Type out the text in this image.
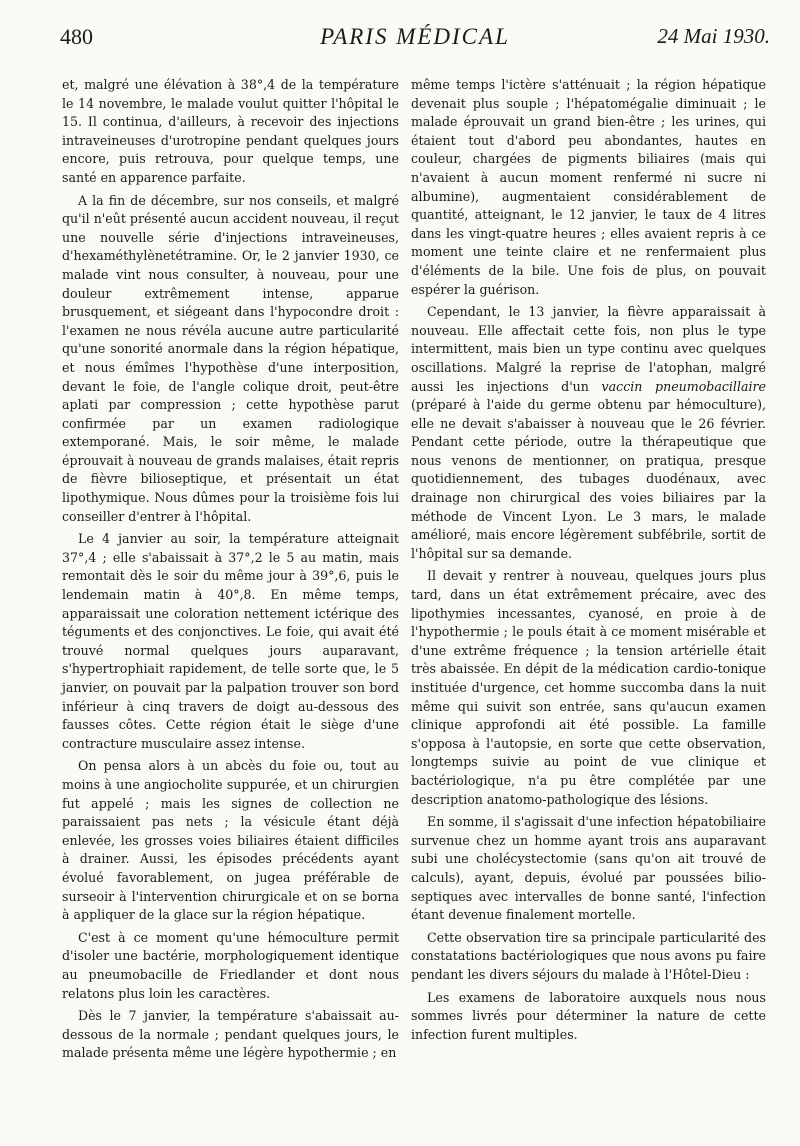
480	PARIS MÉDICAL	24 Mai 1930.

et, malgré une élévation à 38°,4 de la température le 14 novembre, le malade voulut quitter l'hôpital le 15. Il continua, d'ailleurs, à recevoir des injections intraveineuses d'urotropine pendant quelques jours encore, puis retrouva, pour quelque temps, une santé en apparence parfaite.

A la fin de décembre, sur nos conseils, et malgré qu'il n'eût présenté aucun accident nouveau, il reçut une nouvelle série d'injections intraveineuses, d'hexaméthylènetétramine. Or, le 2 janvier 1930, ce malade vint nous consulter, à nouveau, pour une douleur extrêmement intense, apparue brusquement, et siégeant dans l'hypocondre droit : l'examen ne nous révéla aucune autre particularité qu'une sonorité anormale dans la région hépatique, et nous émîmes l'hypothèse d'une interposition, devant le foie, de l'angle colique droit, peut-être aplati par compression ; cette hypothèse parut confirmée par un examen radiologique extemporané. Mais, le soir même, le malade éprouvait à nouveau de grands malaises, était repris de fièvre bilioseptique, et présentait un état lipothymique. Nous dûmes pour la troisième fois lui conseiller d'entrer à l'hôpital.

Le 4 janvier au soir, la température atteignait 37°,4 ; elle s'abaissait à 37°,2 le 5 au matin, mais remontait dès le soir du même jour à 39°,6, puis le lendemain matin à 40°,8. En même temps, apparaissait une coloration nettement ictérique des téguments et des conjonctives. Le foie, qui avait été trouvé normal quelques jours auparavant, s'hypertrophiait rapidement, de telle sorte que, le 5 janvier, on pouvait par la palpation trouver son bord inférieur à cinq travers de doigt au-dessous des fausses côtes. Cette région était le siège d'une contracture musculaire assez intense.

On pensa alors à un abcès du foie ou, tout au moins à une angiocholite suppurée, et un chirurgien fut appelé ; mais les signes de collection ne paraissaient pas nets ; la vésicule étant déjà enlevée, les grosses voies biliaires étaient difficiles à drainer. Aussi, les épisodes précédents ayant évolué favorablement, on jugea préférable de surseoir à l'intervention chirurgicale et on se borna à appliquer de la glace sur la région hépatique.

C'est à ce moment qu'une hémoculture permit d'isoler une bactérie, morphologiquement identique au pneumobacille de Friedlander et dont nous relatons plus loin les caractères.

Dès le 7 janvier, la température s'abaissait au-dessous de la normale ; pendant quelques jours, le malade présenta même une légère hypothermie ; en

même temps l'ictère s'atténuait ; la région hépatique devenait plus souple ; l'hépatomégalie diminuait ; le malade éprouvait un grand bien-être ; les urines, qui étaient tout d'abord peu abondantes, hautes en couleur, chargées de pigments biliaires (mais qui n'avaient à aucun moment renfermé ni sucre ni albumine), augmentaient considérablement de quantité, atteignant, le 12 janvier, le taux de 4 litres dans les vingt-quatre heures ; elles avaient repris à ce moment une teinte claire et ne renfermaient plus d'éléments de la bile. Une fois de plus, on pouvait espérer la guérison.

Cependant, le 13 janvier, la fièvre apparaissait à nouveau. Elle affectait cette fois, non plus le type intermittent, mais bien un type continu avec quelques oscillations. Malgré la reprise de l'atophan, malgré aussi les injections d'un vaccin pneumobacillaire (préparé à l'aide du germe obtenu par hémoculture), elle ne devait s'abaisser à nouveau que le 26 février. Pendant cette période, outre la thérapeutique que nous venons de mentionner, on pratiqua, presque quotidiennement, des tubages duodénaux, avec drainage non chirurgical des voies biliaires par la méthode de Vincent Lyon. Le 3 mars, le malade amélioré, mais encore légèrement subfébrile, sortit de l'hôpital sur sa demande.

Il devait y rentrer à nouveau, quelques jours plus tard, dans un état extrêmement précaire, avec des lipothymies incessantes, cyanosé, en proie à de l'hypothermie ; le pouls était à ce moment misérable et d'une extrême fréquence ; la tension artérielle était très abaissée. En dépit de la médication cardio-tonique instituée d'urgence, cet homme succomba dans la nuit même qui suivit son entrée, sans qu'aucun examen clinique approfondi ait été possible. La famille s'opposa à l'autopsie, en sorte que cette observation, longtemps suivie au point de vue clinique et bactériologique, n'a pu être complétée par une description anatomo-pathologique des lésions.

En somme, il s'agissait d'une infection hépatobiliaire survenue chez un homme ayant trois ans auparavant subi une cholécystectomie (sans qu'on ait trouvé de calculs), ayant, depuis, évolué par poussées bilio-septiques avec intervalles de bonne santé, l'infection étant devenue finalement mortelle.

Cette observation tire sa principale particularité des constatations bactériologiques que nous avons pu faire pendant les divers séjours du malade à l'Hôtel-Dieu :

Les examens de laboratoire auxquels nous nous sommes livrés pour déterminer la nature de cette infection furent multiples.
